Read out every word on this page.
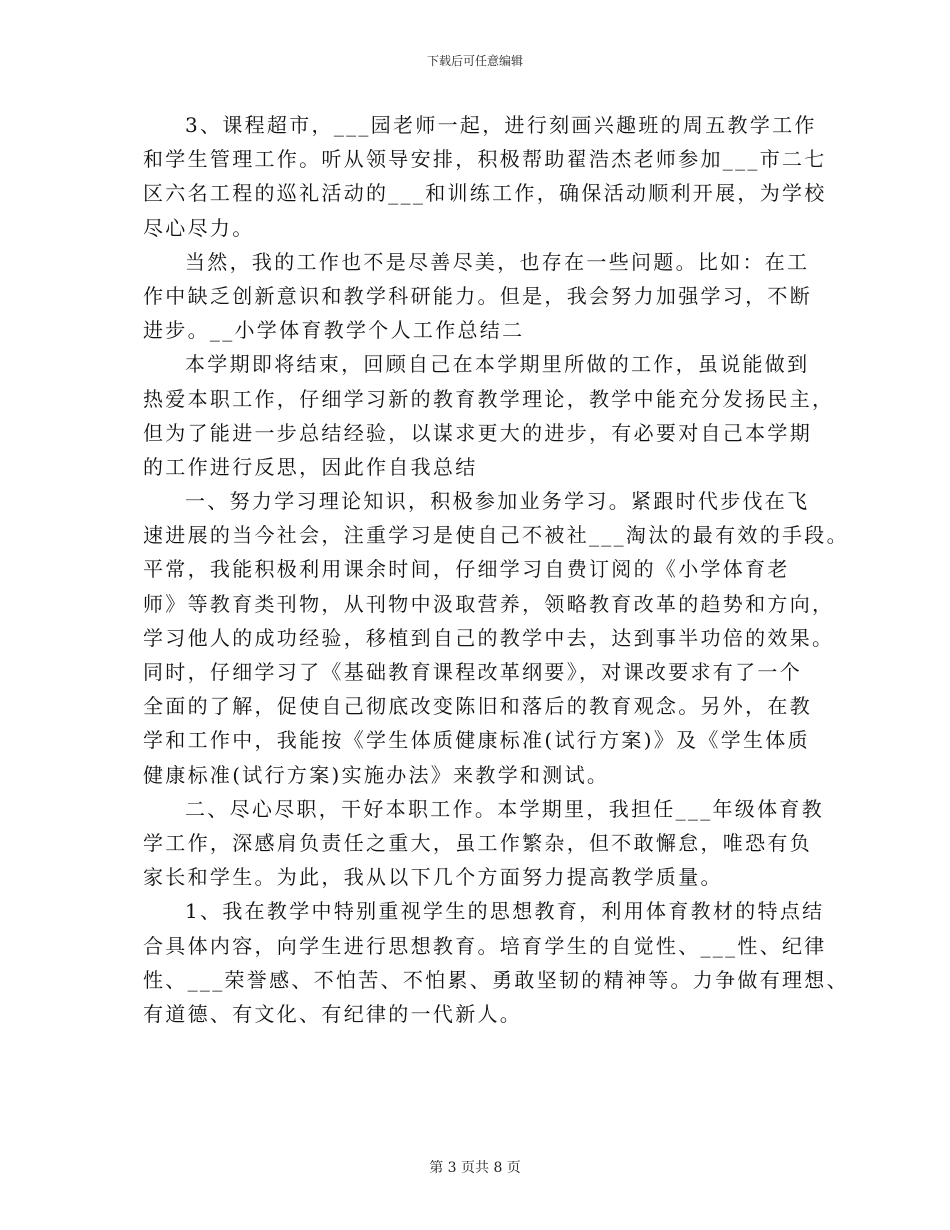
下载后可任意编辑
3、课程超市，___园老师一起，进行刻画兴趣班的周五教学工作
和学生管理工作。听从领导安排，积极帮助翟浩杰老师参加___市二七
区六名工程的巡礼活动的___和训练工作，确保活动顺利开展，为学校
尽心尽力。
当然，我的工作也不是尽善尽美，也存在一些问题。比如：在工
作中缺乏创新意识和教学科研能力。但是，我会努力加强学习，不断
进步。__小学体育教学个人工作总结二
本学期即将结束，回顾自己在本学期里所做的工作，虽说能做到
热爱本职工作，仔细学习新的教育教学理论，教学中能充分发扬民主，
但为了能进一步总结经验，以谋求更大的进步，有必要对自己本学期
的工作进行反思，因此作自我总结
一、努力学习理论知识，积极参加业务学习。紧跟时代步伐在飞
速进展的当今社会，注重学习是使自己不被社___淘汰的最有效的手段。
平常，我能积极利用课余时间，仔细学习自费订阅的《小学体育老
师》等教育类刊物，从刊物中汲取营养，领略教育改革的趋势和方向，
学习他人的成功经验，移植到自己的教学中去，达到事半功倍的效果。
同时，仔细学习了《基础教育课程改革纲要》，对课改要求有了一个
全面的了解，促使自己彻底改变陈旧和落后的教育观念。另外，在教
学和工作中，我能按《学生体质健康标准(试行方案)》及《学生体质
健康标准(试行方案)实施办法》来教学和测试。
二、尽心尽职，干好本职工作。本学期里，我担任___年级体育教
学工作，深感肩负责任之重大，虽工作繁杂，但不敢懈怠，唯恐有负
家长和学生。为此，我从以下几个方面努力提高教学质量。
1、我在教学中特别重视学生的思想教育，利用体育教材的特点结
合具体内容，向学生进行思想教育。培育学生的自觉性、___性、纪律
性、___荣誉感、不怕苦、不怕累、勇敢坚韧的精神等。力争做有理想、
有道德、有文化、有纪律的一代新人。
第 3 页共 8 页
